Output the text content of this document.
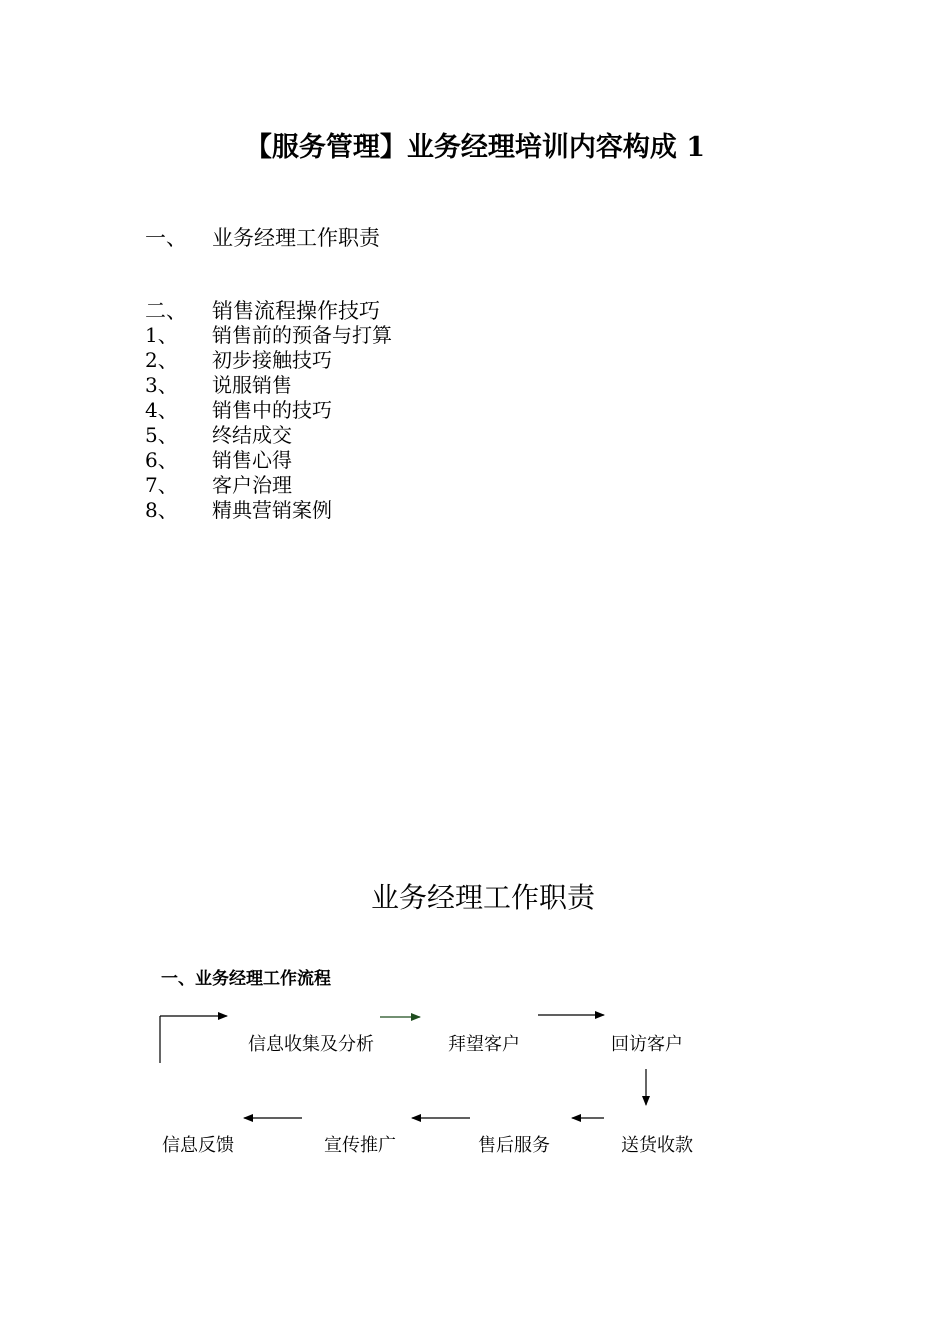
【服务管理】业务经理培训内容构成 1
一、 业务经理工作职责
二、 销售流程操作技巧
1、 销售前的预备与打算
2、 初步接触技巧
3、 说服销售
4、 销售中的技巧
5、 终结成交
6、 销售心得
7、 客户治理
8、 精典营销案例
业务经理工作职责
一、业务经理工作流程
信息收集及分析	拜望客户	回访客户
信息反馈	宣传推广	售后服务	送货收款
